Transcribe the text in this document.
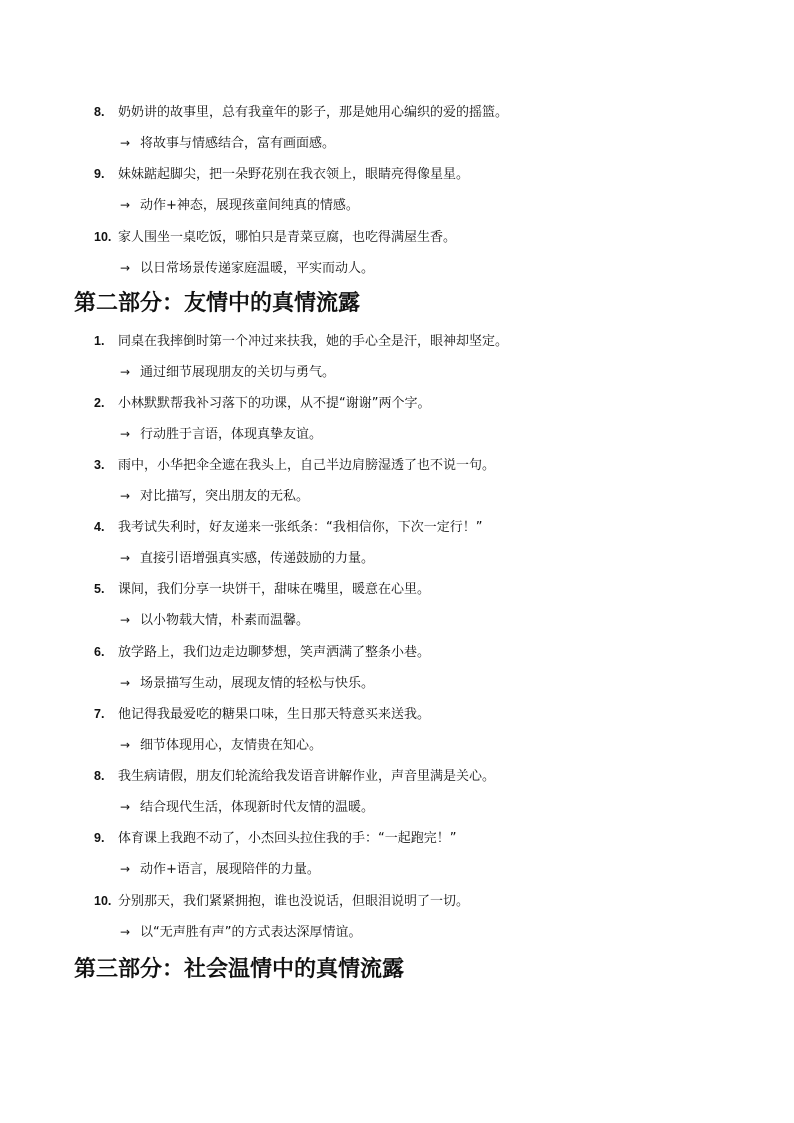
8. 奶奶讲的故事里，总有我童年的影子，那是她用心编织的爱的摇篮。
→ 将故事与情感结合，富有画面感。
9. 妹妹踮起脚尖，把一朵野花别在我衣领上，眼睛亮得像星星。
→ 动作+神态，展现孩童间纯真的情感。
10. 家人围坐一桌吃饭，哪怕只是青菜豆腐，也吃得满屋生香。
→ 以日常场景传递家庭温暖，平实而动人。
第二部分：友情中的真情流露
1. 同桌在我摔倒时第一个冲过来扶我，她的手心全是汗，眼神却坚定。
→ 通过细节展现朋友的关切与勇气。
2. 小林默默帮我补习落下的功课，从不提“谢谢”两个字。
→ 行动胜于言语，体现真挚友谊。
3. 雨中，小华把伞全遮在我头上，自己半边肩膀湿透了也不说一句。
→ 对比描写，突出朋友的无私。
4. 我考试失利时，好友递来一张纸条：“我相信你，下次一定行！”
→ 直接引语增强真实感，传递鼓励的力量。
5. 课间，我们分享一块饼干，甜味在嘴里，暖意在心里。
→ 以小物载大情，朴素而温馨。
6. 放学路上，我们边走边聊梦想，笑声洒满了整条小巷。
→ 场景描写生动，展现友情的轻松与快乐。
7. 他记得我最爱吃的糖果口味，生日那天特意买来送我。
→ 细节体现用心，友情贵在知心。
8. 我生病请假，朋友们轮流给我发语音讲解作业，声音里满是关心。
→ 结合现代生活，体现新时代友情的温暖。
9. 体育课上我跑不动了，小杰回头拉住我的手：“一起跑完！”
→ 动作+语言，展现陪伴的力量。
10. 分别那天，我们紧紧拥抱，谁也没说话，但眼泪说明了一切。
→ 以“无声胜有声”的方式表达深厚情谊。
第三部分：社会温情中的真情流露
